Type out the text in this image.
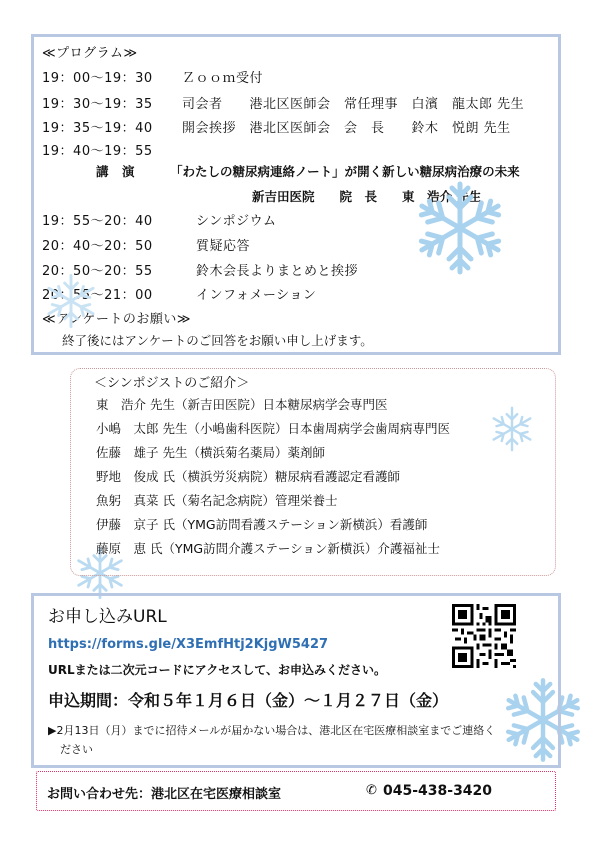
≪プログラム≫
19：00〜19：30 Ｚｏｏｍ受付
19：30〜19：35 司会者　　港北区医師会　常任理事　白濱　龍太郎 先生
19：35〜19：40 開会挨拶　港北区医師会　会　長　　鈴木　悦朗 先生
19：40〜19：55
講　演	「わたしの糖尿病連絡ノート」が開く新しい糖尿病治療の未来
新吉田医院　　院　長　　東　浩介 先生
19：55〜20：40	シンポジウム
20：40〜20：50	質疑応答
20：50〜20：55	鈴木会長よりまとめと挨拶
20：55〜21：00	インフォメーション
≪アンケートのお願い≫
終了後にはアンケートのご回答をお願い申し上げます。
＜シンポジストのご紹介＞
東　浩介 先生（新吉田医院）日本糖尿病学会専門医
小嶋　太郎 先生（小嶋歯科医院）日本歯周病学会歯周病専門医
佐藤　雄子 先生（横浜菊名薬局）薬剤師
野地　俊成 氏（横浜労災病院）糖尿病看護認定看護師
魚躬　真菜 氏（菊名記念病院）管理栄養士
伊藤　京子 氏（YMG訪問看護ステーション新横浜）看護師
藤原　恵 氏（YMG訪問介護ステーション新横浜）介護福祉士
お申し込みURL
https://forms.gle/X3EmfHtj2KjgW5427
URLまたは二次元コードにアクセスして、お申込みください。
申込期間：令和５年１月６日（金）〜１月２７日（金）
▶2月13日（月）までに招待メールが届かない場合は、港北区在宅医療相談室までご連絡く
ださい
お問い合わせ先：港北区在宅医療相談室	✆ 045-438-3420
